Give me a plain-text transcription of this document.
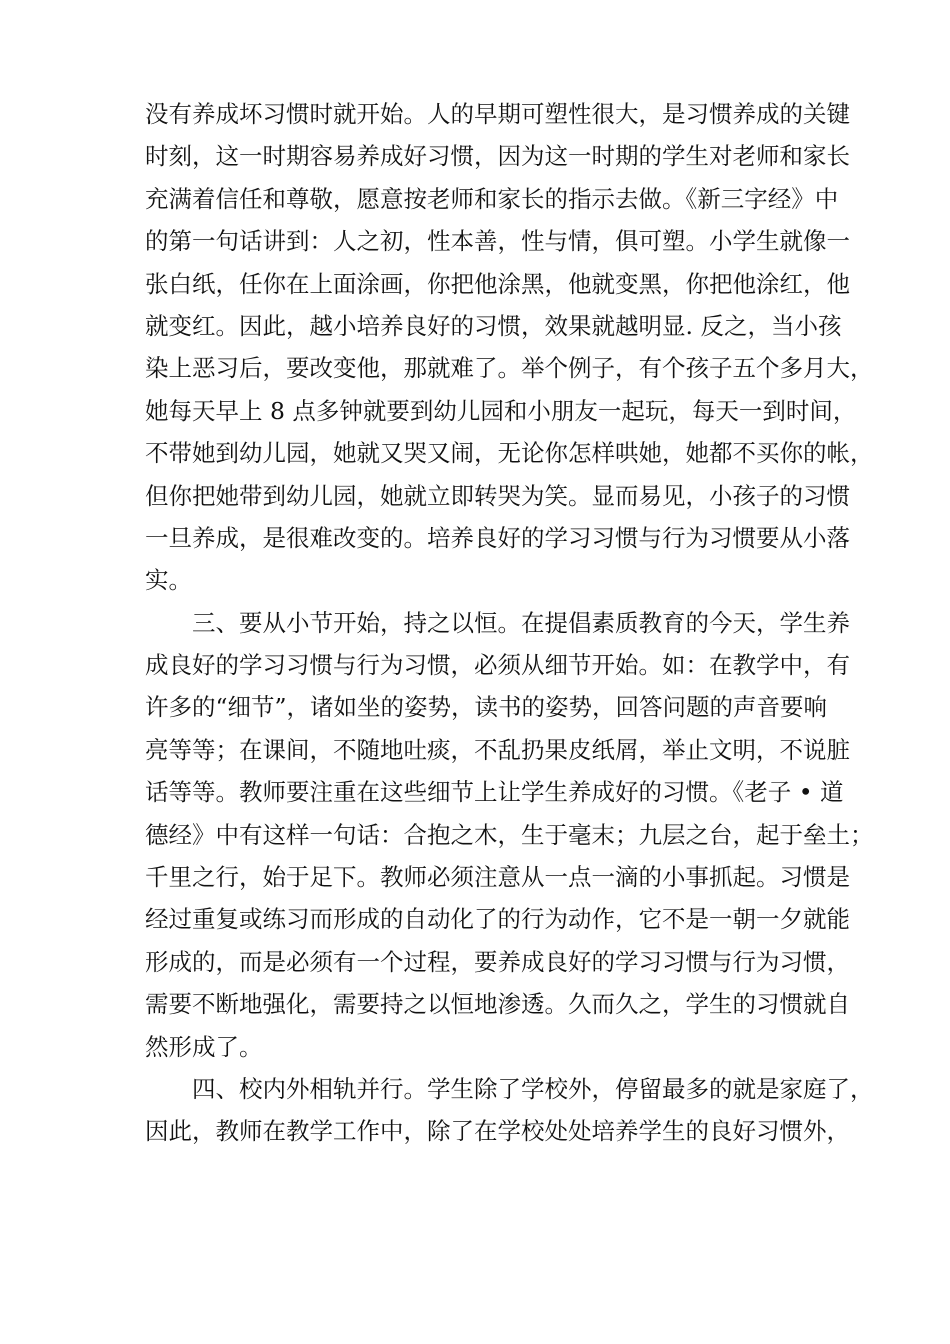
没有养成坏习惯时就开始。人的早期可塑性很大，是习惯养成的关键
时刻，这一时期容易养成好习惯，因为这一时期的学生对老师和家长
充满着信任和尊敬，愿意按老师和家长的指示去做。《新三字经》中
的第一句话讲到：人之初，性本善，性与情，俱可塑。小学生就像一
张白纸，任你在上面涂画，你把他涂黑，他就变黑，你把他涂红，他
就变红。因此，越小培养良好的习惯，效果就越明显. 反之，当小孩
染上恶习后，要改变他，那就难了。举个例子，有个孩子五个多月大，
她每天早上 8 点多钟就要到幼儿园和小朋友一起玩，每天一到时间，
不带她到幼儿园，她就又哭又闹，无论你怎样哄她，她都不买你的帐，
但你把她带到幼儿园，她就立即转哭为笑。显而易见，小孩子的习惯
一旦养成，是很难改变的。培养良好的学习习惯与行为习惯要从小落
实。
三、要从小节开始，持之以恒。在提倡素质教育的今天，学生养
成良好的学习习惯与行为习惯，必须从细节开始。如：在教学中，有
许多的“细节”，诸如坐的姿势，读书的姿势，回答问题的声音要响
亮等等；在课间，不随地吐痰，不乱扔果皮纸屑，举止文明，不说脏
话等等。教师要注重在这些细节上让学生养成好的习惯。《老子 • 道
德经》中有这样一句话：合抱之木，生于毫末；九层之台，起于垒土；
千里之行，始于足下。教师必须注意从一点一滴的小事抓起。习惯是
经过重复或练习而形成的自动化了的行为动作，它不是一朝一夕就能
形成的，而是必须有一个过程，要养成良好的学习习惯与行为习惯，
需要不断地强化，需要持之以恒地渗透。久而久之，学生的习惯就自
然形成了。
四、校内外相轨并行。学生除了学校外，停留最多的就是家庭了，
因此，教师在教学工作中，除了在学校处处培养学生的良好习惯外，
